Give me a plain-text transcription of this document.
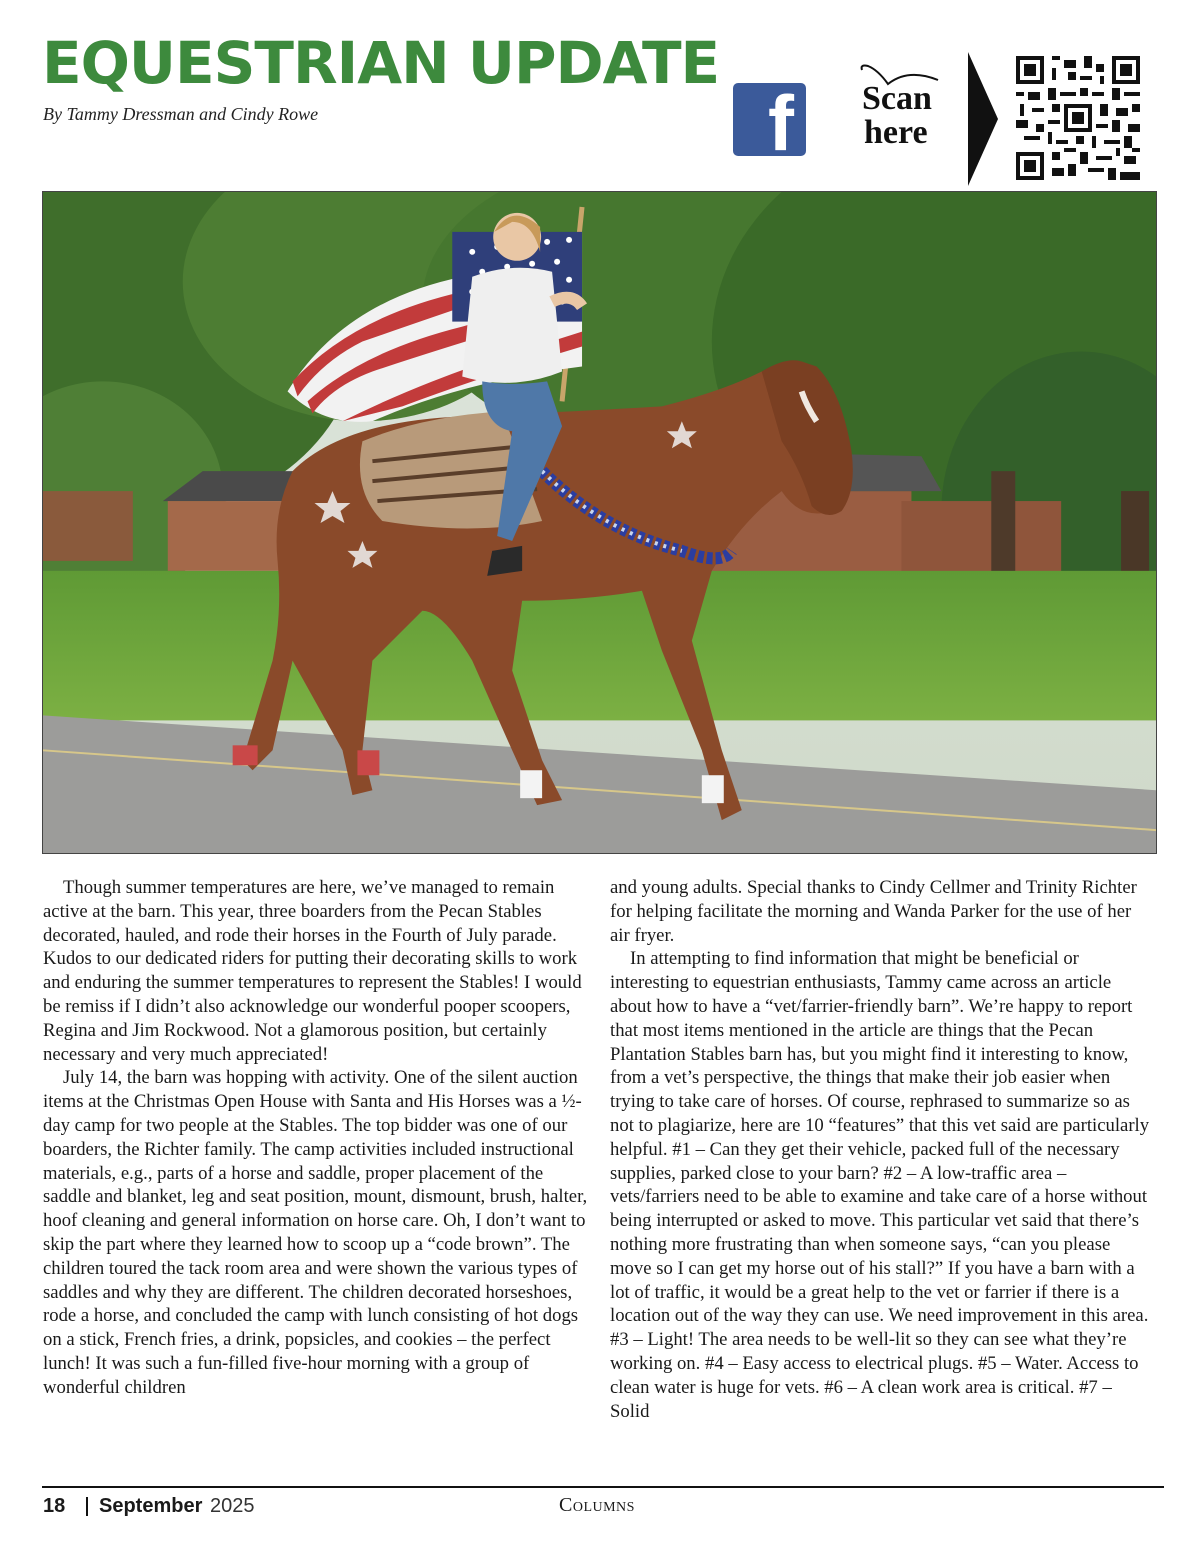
EQUESTRIAN UPDATE
By Tammy Dressman and Cindy Rowe	f Scan
here

Though summer temperatures are here, we’ve managed to remain active at the barn. This year, three boarders from the Pecan Stables decorated, hauled, and rode their horses in the Fourth of July parade. Kudos to our dedicated riders for putting their decorating skills to work and enduring the summer temperatures to represent the Stables! I would be remiss if I didn’t also acknowledge our wonderful pooper scoopers, Regina and Jim Rockwood. Not a glamorous position, but certainly necessary and very much appreciated!

July 14, the barn was hopping with activity. One of the silent auction items at the Christmas Open House with Santa and His Horses was a ½-day camp for two people at the Stables. The top bidder was one of our boarders, the Richter family. The camp activities included instructional materials, e.g., parts of a horse and saddle, proper placement of the saddle and blanket, leg and seat position, mount, dismount, brush, halter, hoof cleaning and general information on horse care. Oh, I don’t want to skip the part where they learned how to scoop up a “code brown”. The children toured the tack room area and were shown the various types of saddles and why they are different. The children decorated horseshoes, rode a horse, and concluded the camp with lunch consisting of hot dogs on a stick, French fries, a drink, popsicles, and cookies – the perfect lunch! It was such a fun-filled five-hour morning with a group of wonderful children

and young adults. Special thanks to Cindy Cellmer and Trinity Richter for helping facilitate the morning and Wanda Parker for the use of her air fryer.

In attempting to find information that might be beneficial or interesting to equestrian enthusiasts, Tammy came across an article about how to have a “vet/farrier-friendly barn”. We’re happy to report that most items mentioned in the article are things that the Pecan Plantation Stables barn has, but you might find it interesting to know, from a vet’s perspective, the things that make their job easier when trying to take care of horses. Of course, rephrased to summarize so as not to plagiarize, here are 10 “features” that this vet said are particularly helpful. #1 – Can they get their vehicle, packed full of the necessary supplies, parked close to your barn? #2 – A low-traffic area – vets/farriers need to be able to examine and take care of a horse without being interrupted or asked to move. This particular vet said that there’s nothing more frustrating than when someone says, “can you please move so I can get my horse out of his stall?” If you have a barn with a lot of traffic, it would be a great help to the vet or farrier if there is a location out of the way they can use. We need improvement in this area. #3 – Light! The area needs to be well-lit so they can see what they’re working on. #4 – Easy access to electrical plugs. #5 – Water. Access to clean water is huge for vets. #6 – A clean work area is critical. #7 – Solid

18 September 2025	Columns
